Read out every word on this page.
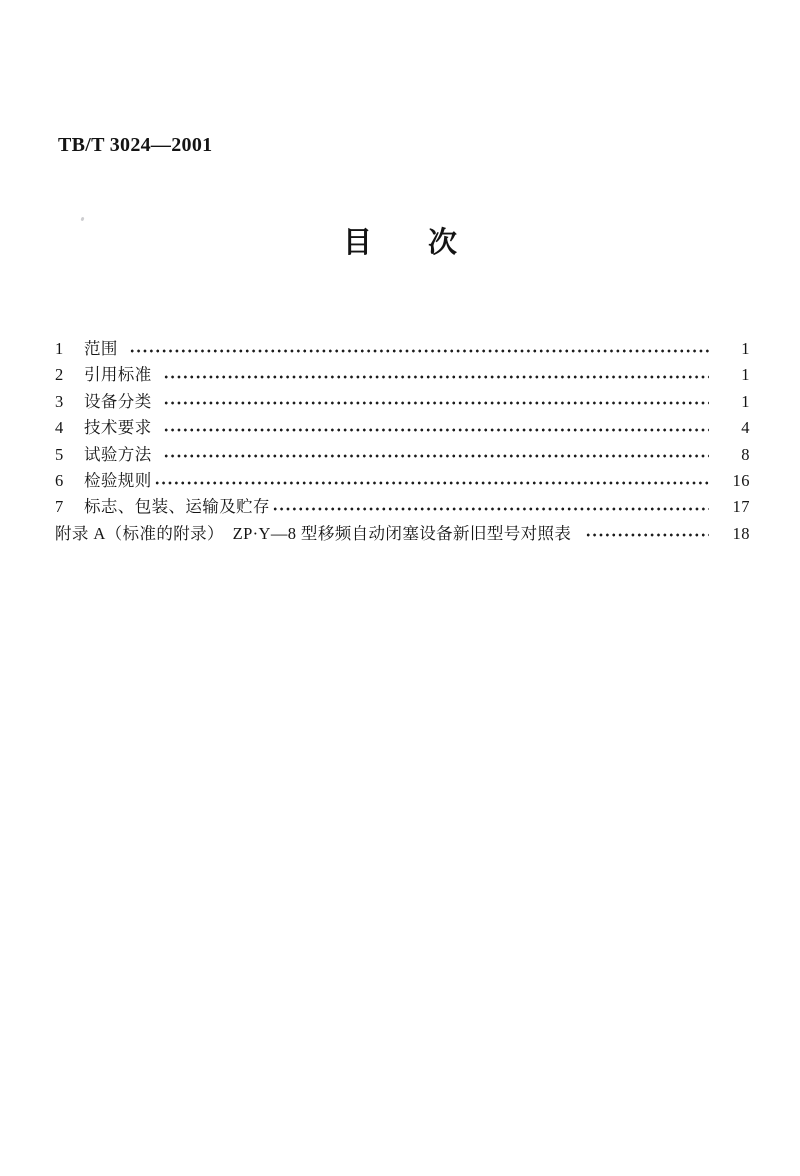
TB/T 3024—2001
目 次
1	范围	1
2	引用标准	1
3	设备分类	1
4	技术要求	4
5	试验方法	8
6	检验规则	16
7	标志、包装、运输及贮存	17
附录 A（标准的附录）　ZP·Y—8 型移频自动闭塞设备新旧型号对照表	18
